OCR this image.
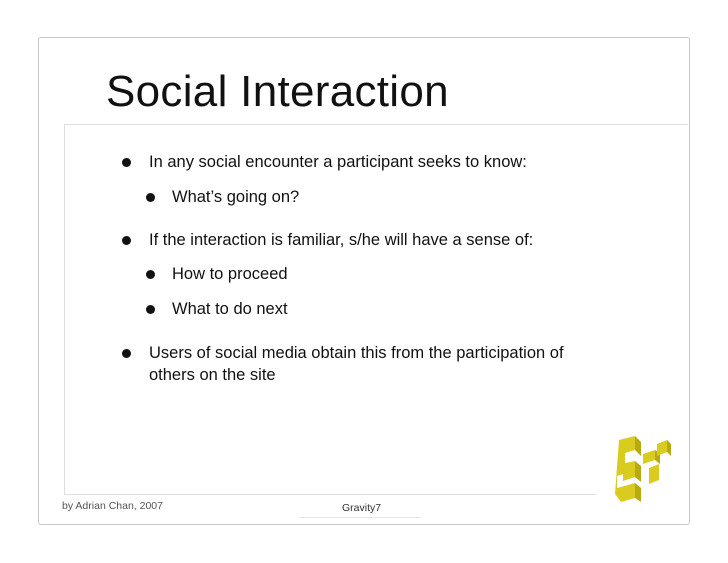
Social Interaction
In any social encounter a participant seeks to know:
What’s going on?
If the interaction is familiar, s/he will have a sense of:
How to proceed
What to do next
Users of social media obtain this from the participation of
others on the site
by Adrian Chan, 2007	Gravity7
